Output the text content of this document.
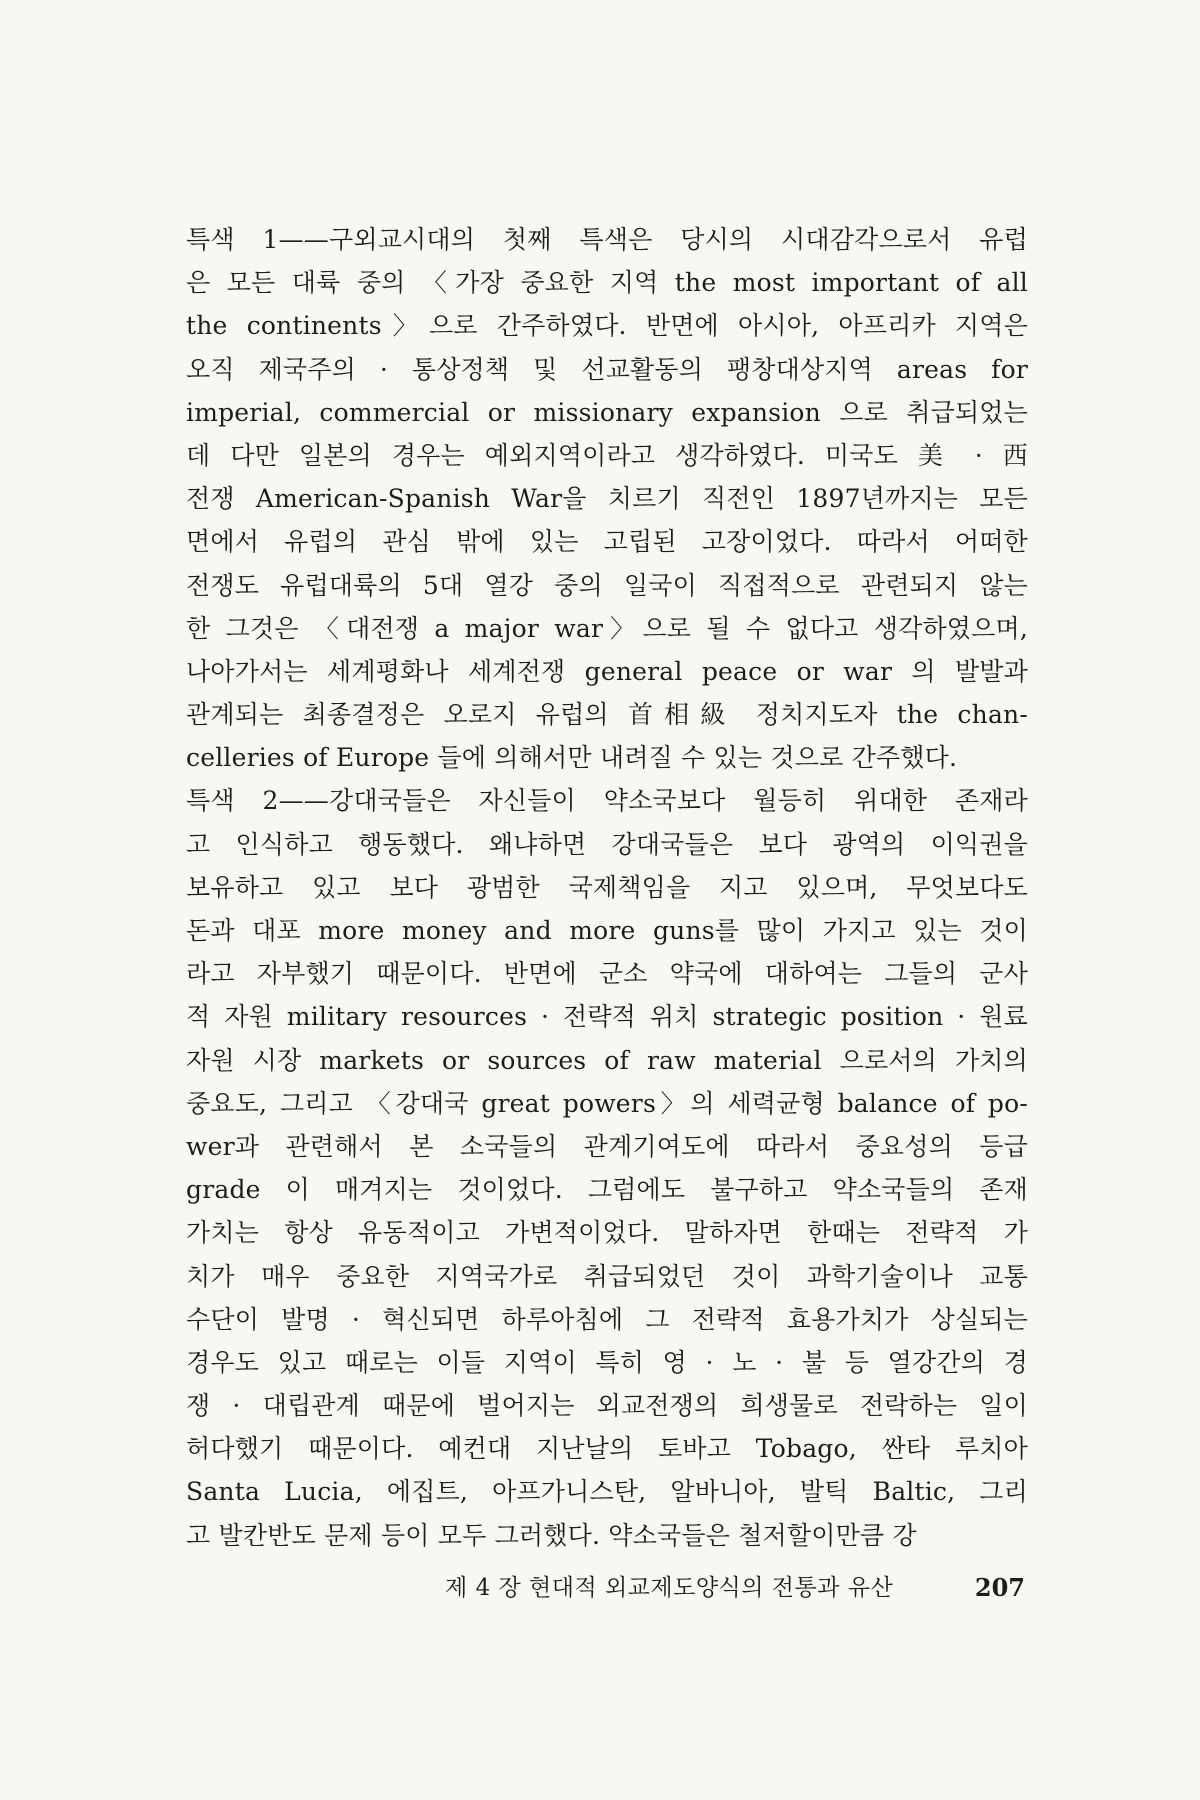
특색 1——구외교시대의 첫째 특색은 당시의 시대감각으로서 유럽
은 모든 대륙 중의 〈가장 중요한 지역 the most important of all
the continents〉으로 간주하였다. 반면에 아시아, 아프리카 지역은
오직 제국주의 · 통상정책 및 선교활동의 팽창대상지역 areas for
imperial, commercial or missionary expansion 으로 취급되었는
데 다만 일본의 경우는 예외지역이라고 생각하였다. 미국도 美 · 西
전쟁 American-Spanish War을 치르기 직전인 1897년까지는 모든
면에서 유럽의 관심 밖에 있는 고립된 고장이었다. 따라서 어떠한
전쟁도 유럽대륙의 5대 열강 중의 일국이 직접적으로 관련되지 않는
한 그것은 〈대전쟁 a major war〉으로 될 수 없다고 생각하였으며,
나아가서는 세계평화나 세계전쟁 general peace or war 의 발발과
관계되는 최종결정은 오로지 유럽의 首相級 정치지도자 the chan-
celleries of Europe 들에 의해서만 내려질 수 있는 것으로 간주했다.
특색 2——강대국들은 자신들이 약소국보다 월등히 위대한 존재라
고 인식하고 행동했다. 왜냐하면 강대국들은 보다 광역의 이익권을
보유하고 있고 보다 광범한 국제책임을 지고 있으며, 무엇보다도
돈과 대포 more money and more guns를 많이 가지고 있는 것이
라고 자부했기 때문이다. 반면에 군소 약국에 대하여는 그들의 군사
적 자원 military resources · 전략적 위치 strategic position · 원료
자원 시장 markets or sources of raw material 으로서의 가치의
중요도, 그리고 〈강대국 great powers〉의 세력균형 balance of po-
wer과 관련해서 본 소국들의 관계기여도에 따라서 중요성의 등급
grade 이 매겨지는 것이었다. 그럼에도 불구하고 약소국들의 존재
가치는 항상 유동적이고 가변적이었다. 말하자면 한때는 전략적 가
치가 매우 중요한 지역국가로 취급되었던 것이 과학기술이나 교통
수단이 발명 · 혁신되면 하루아침에 그 전략적 효용가치가 상실되는
경우도 있고 때로는 이들 지역이 특히 영 · 노 · 불 등 열강간의 경
쟁 · 대립관계 때문에 벌어지는 외교전쟁의 희생물로 전락하는 일이
허다했기 때문이다. 예컨대 지난날의 토바고 Tobago, 싼타 루치아
Santa Lucia, 에집트, 아프가니스탄, 알바니아, 발틱 Baltic, 그리
고 발칸반도 문제 등이 모두 그러했다. 약소국들은 철저할이만큼 강
제 4 장 현대적 외교제도양식의 전통과 유산	207
